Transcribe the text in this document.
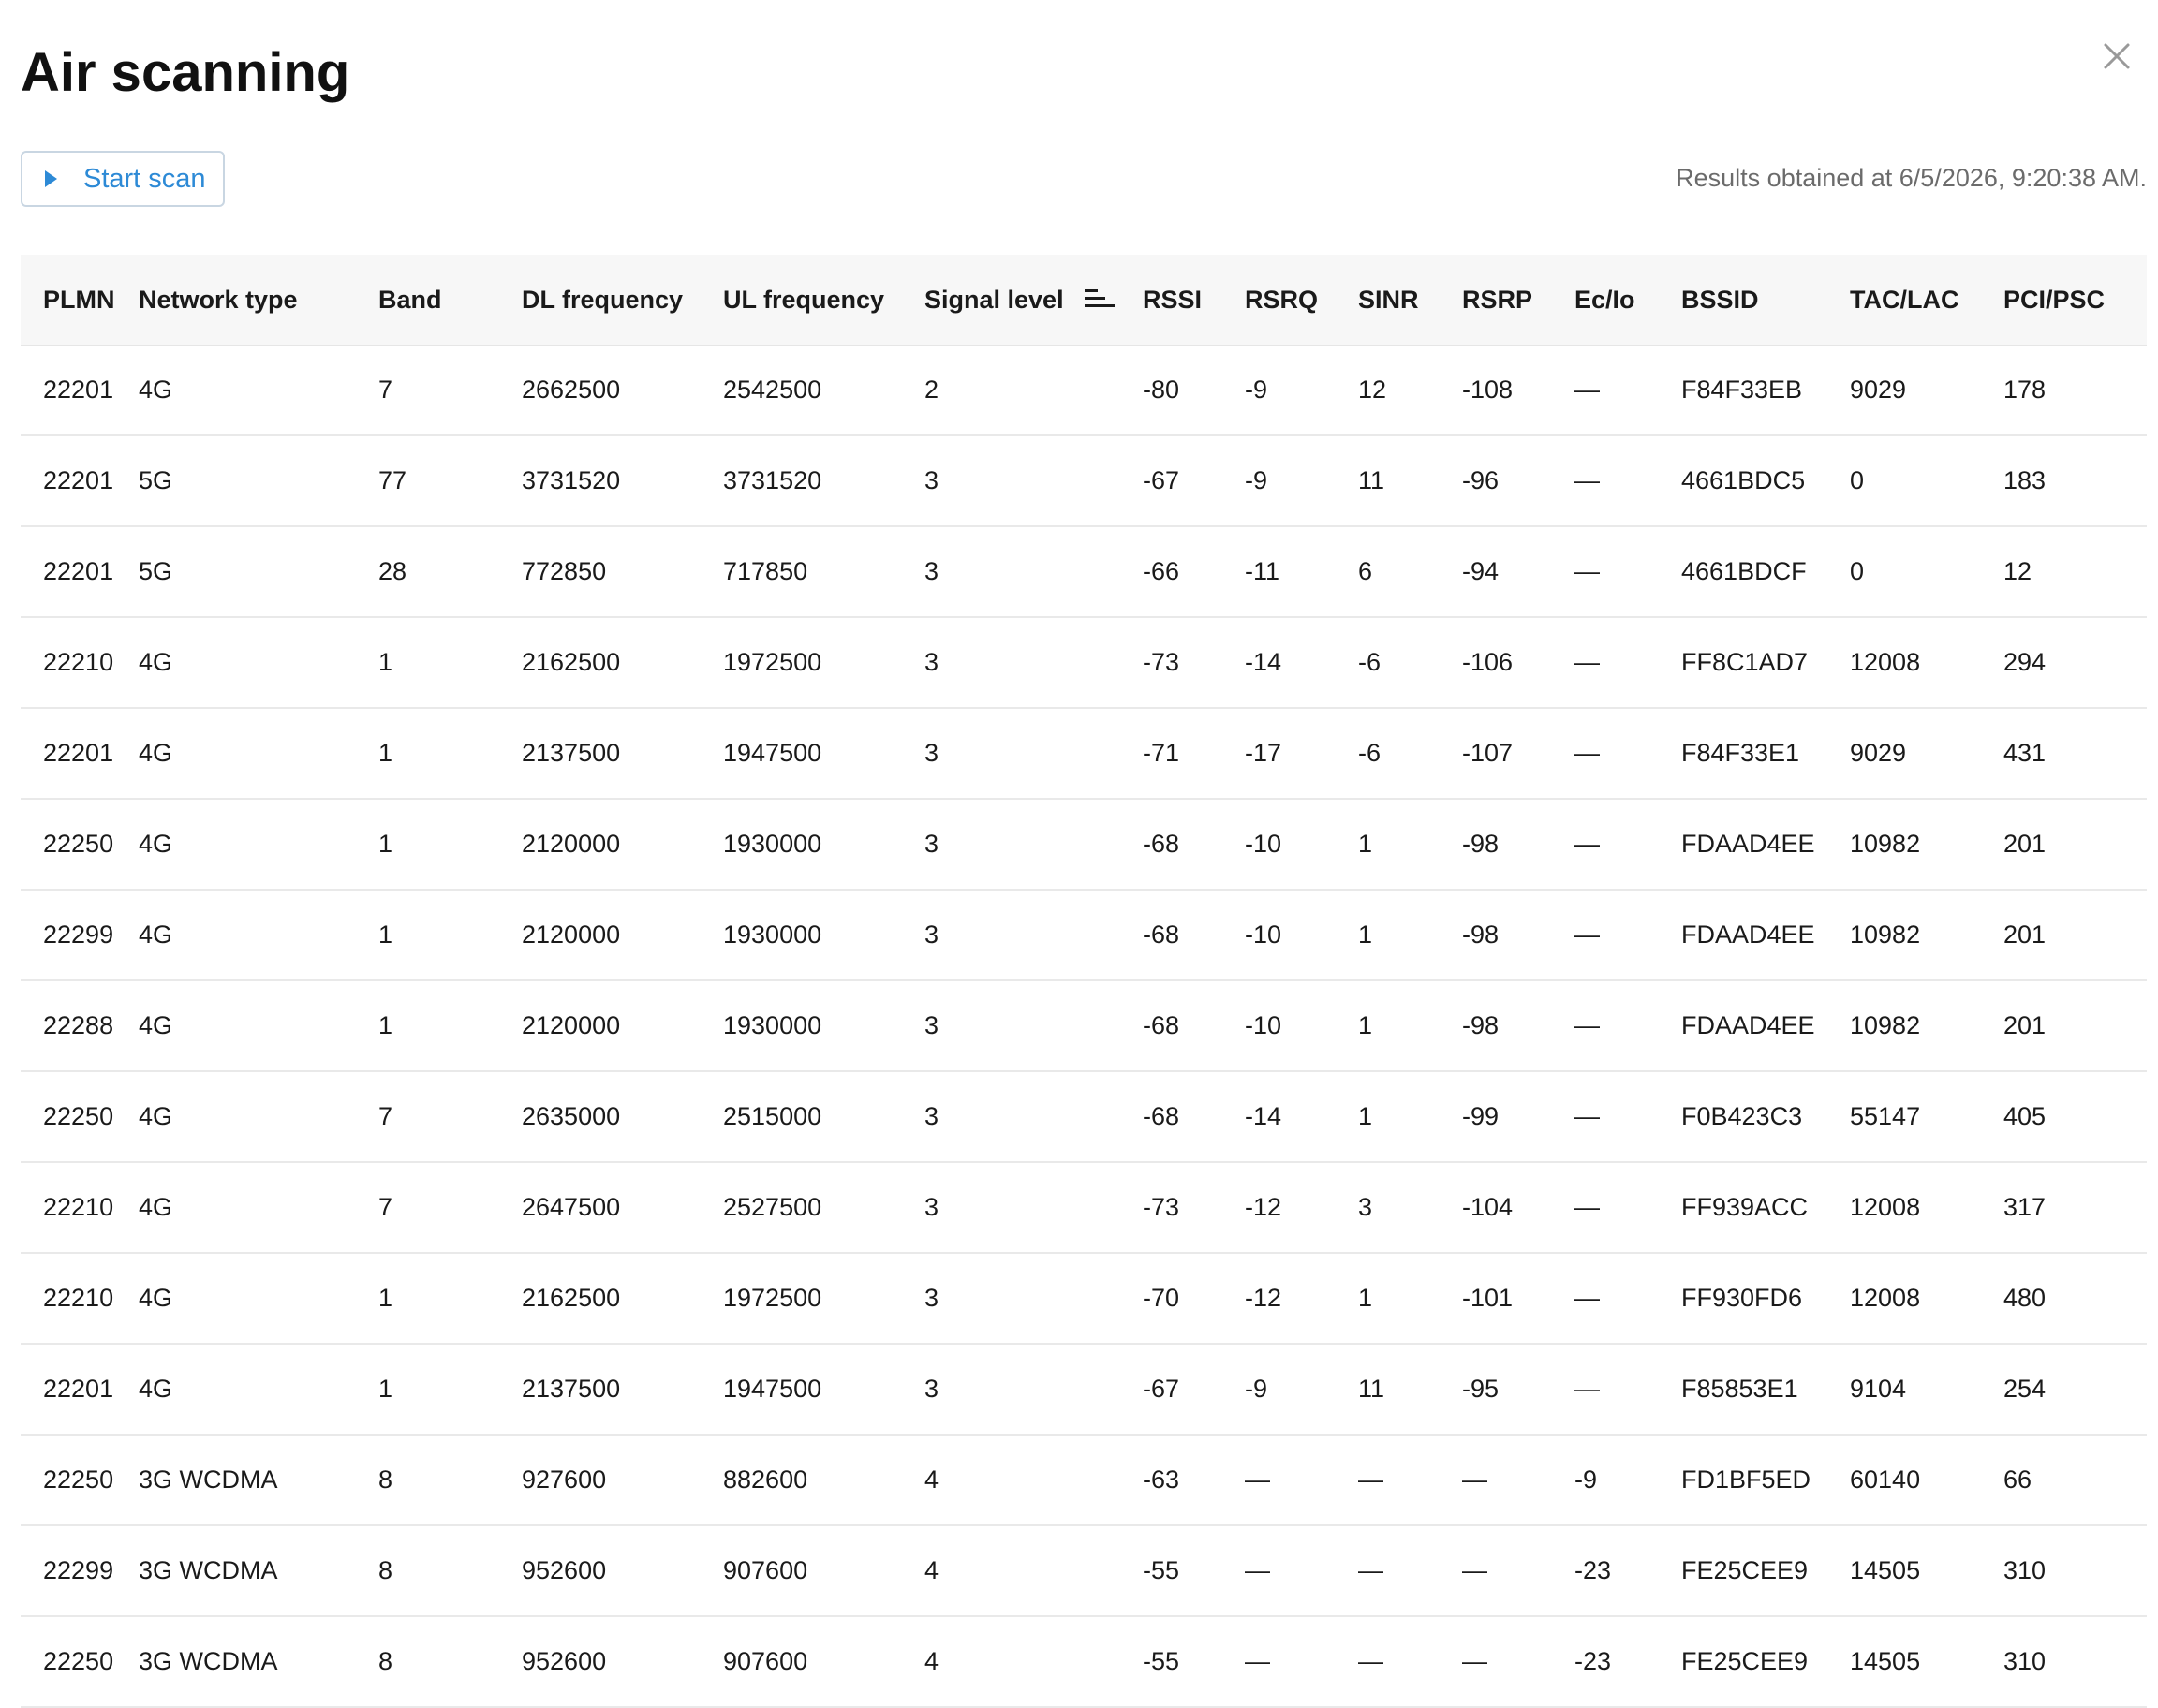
Air scanning
Start scan	Results obtained at 6/5/2026, 9:20:38 AM.
PLMN	Network type	Band	DL frequency	UL frequency	Signal level	RSSI	RSRQ	SINR	RSRP	Ec/Io	BSSID	TAC/LAC	PCI/PSC
22201	4G	7	2662500	2542500	2	-80	-9	12	-108	—	F84F33EB	9029	178
22201	5G	77	3731520	3731520	3	-67	-9	11	-96	—	4661BDC5	0	183
22201	5G	28	772850	717850	3	-66	-11	6	-94	—	4661BDCF	0	12
22210	4G	1	2162500	1972500	3	-73	-14	-6	-106	—	FF8C1AD7	12008	294
22201	4G	1	2137500	1947500	3	-71	-17	-6	-107	—	F84F33E1	9029	431
22250	4G	1	2120000	1930000	3	-68	-10	1	-98	—	FDAAD4EE	10982	201
22299	4G	1	2120000	1930000	3	-68	-10	1	-98	—	FDAAD4EE	10982	201
22288	4G	1	2120000	1930000	3	-68	-10	1	-98	—	FDAAD4EE	10982	201
22250	4G	7	2635000	2515000	3	-68	-14	1	-99	—	F0B423C3	55147	405
22210	4G	7	2647500	2527500	3	-73	-12	3	-104	—	FF939ACC	12008	317
22210	4G	1	2162500	1972500	3	-70	-12	1	-101	—	FF930FD6	12008	480
22201	4G	1	2137500	1947500	3	-67	-9	11	-95	—	F85853E1	9104	254
22250	3G WCDMA	8	927600	882600	4	-63	—	—	—	-9	FD1BF5ED	60140	66
22299	3G WCDMA	8	952600	907600	4	-55	—	—	—	-23	FE25CEE9	14505	310
22250	3G WCDMA	8	952600	907600	4	-55	—	—	—	-23	FE25CEE9	14505	310
